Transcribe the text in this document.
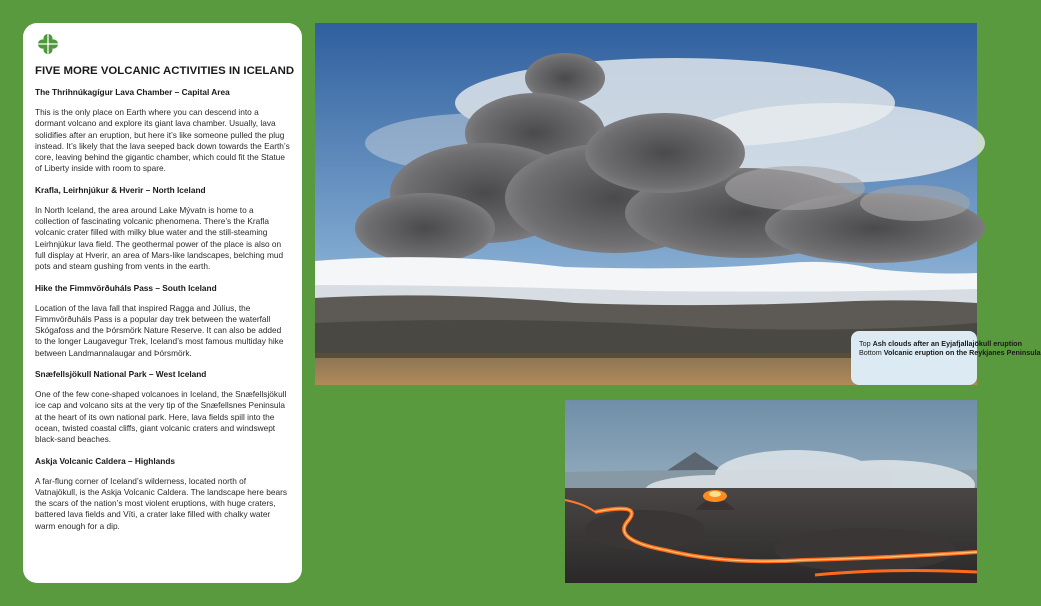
FIVE MORE VOLCANIC ACTIVITIES IN ICELAND
The Thrihnúkagígur Lava Chamber – Capital Area
This is the only place on Earth where you can descend into a dormant volcano and explore its giant lava chamber. Usually, lava solidifies after an eruption, but here it’s like someone pulled the plug instead. It’s likely that the lava seeped back down towards the Earth’s core, leaving behind the gigantic chamber, which could fit the Statue of Liberty inside with room to spare.
Krafla, Leirhnjúkur & Hverir – North Iceland
In North Iceland, the area around Lake Mývatn is home to a collection of fascinating volcanic phenomena. There’s the Krafla volcanic crater filled with milky blue water and the still-steaming Leirhnjúkur lava field. The geothermal power of the place is also on full display at Hverir, an area of Mars-like landscapes, belching mud pots and steam gushing from vents in the earth.
Hike the Fimmvörðuháls Pass – South Iceland
Location of the lava fall that inspired Ragga and Júlíus, the Fimmvörðuháls Pass is a popular day trek between the waterfall Skógafoss and the Þórsmörk Nature Reserve. It can also be added to the longer Laugavegur Trek, Iceland’s most famous multiday hike between Landmannalaugar and Þórsmörk.
Snæfellsjökull National Park – West Iceland
One of the few cone-shaped volcanoes in Iceland, the Snæfellsjökull ice cap and volcano sits at the very tip of the Snæfellsnes Peninsula at the heart of its own national park. Here, lava fields spill into the ocean, twisted coastal cliffs, giant volcanic craters and windswept black-sand beaches.
Askja Volcanic Caldera – Highlands
A far-flung corner of Iceland’s wilderness, located north of Vatnajökull, is the Askja Volcanic Caldera. The landscape here bears the scars of the nation’s most violent eruptions, with huge craters, battered lava fields and Víti, a crater lake filled with chalky water warm enough for a dip.
Top Ash clouds after an Eyjafjallajökull eruption
Bottom Volcanic eruption on the Reykjanes Peninsula
